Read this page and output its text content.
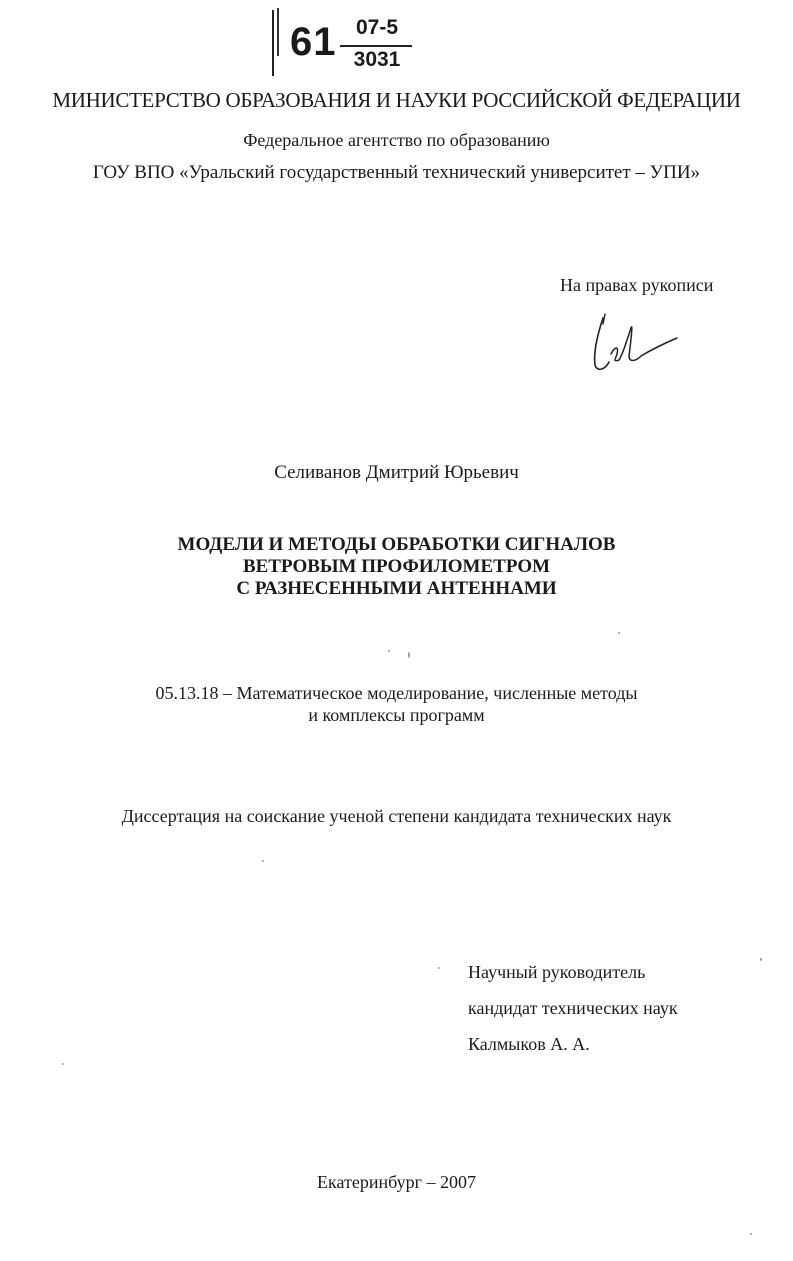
61 07-5
3031
МИНИСТЕРСТВО ОБРАЗОВАНИЯ И НАУКИ РОССИЙСКОЙ ФЕДЕРАЦИИ
Федеральное агентство по образованию
ГОУ ВПО «Уральский государственный технический университет – УПИ»
На правах рукописи
Селиванов Дмитрий Юрьевич
МОДЕЛИ И МЕТОДЫ ОБРАБОТКИ СИГНАЛОВ
ВЕТРОВЫМ ПРОФИЛОМЕТРОМ
С РАЗНЕСЕННЫМИ АНТЕННАМИ
05.13.18 – Математическое моделирование, численные методы
и комплексы программ
Диссертация на соискание ученой степени кандидата технических наук
Научный руководитель
кандидат технических наук
Калмыков А. А.
Екатеринбург – 2007
